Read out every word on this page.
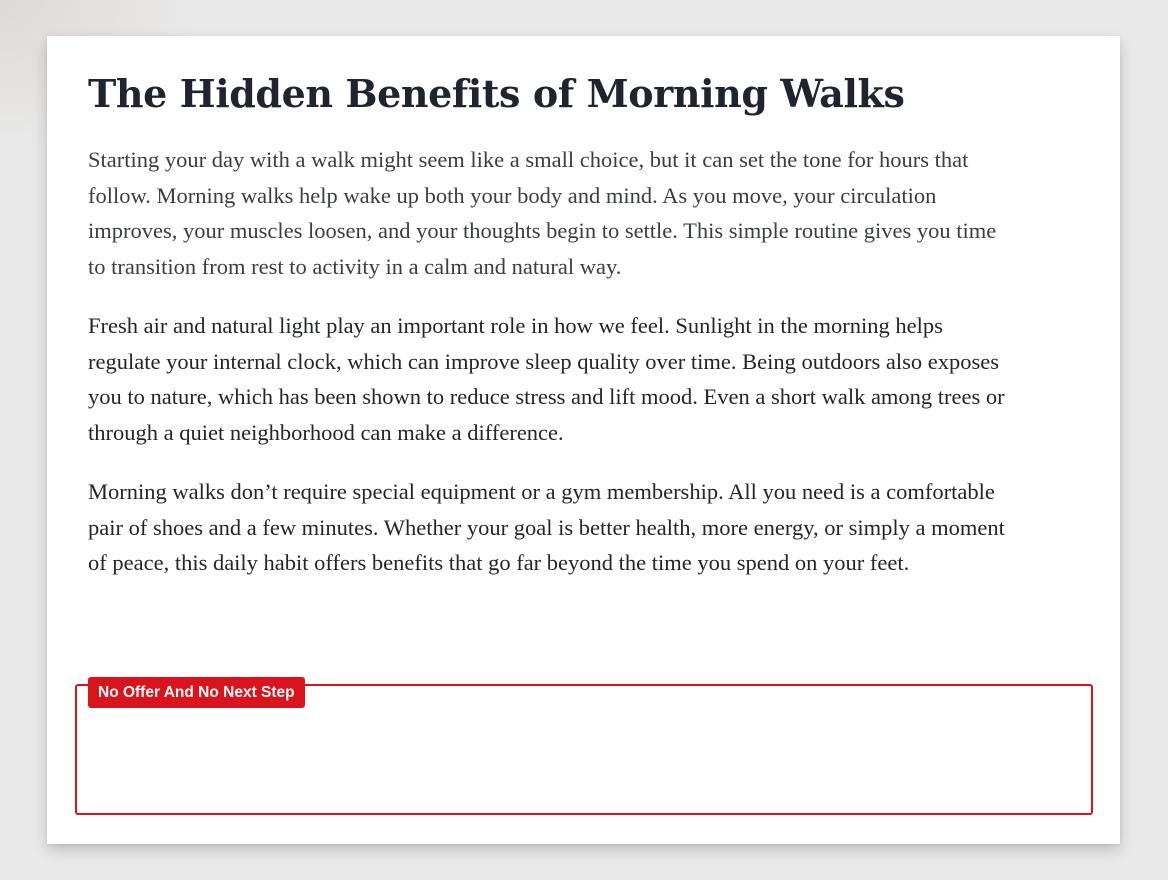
The Hidden Benefits of Morning Walks

Starting your day with a walk might seem like a small choice, but it can set the tone for hours that follow. Morning walks help wake up both your body and mind. As you move, your circulation improves, your muscles loosen, and your thoughts begin to settle. This simple routine gives you time to transition from rest to activity in a calm and natural way.

Fresh air and natural light play an important role in how we feel. Sunlight in the morning helps regulate your internal clock, which can improve sleep quality over time. Being outdoors also exposes you to nature, which has been shown to reduce stress and lift mood. Even a short walk among trees or through a quiet neighborhood can make a difference.

Morning walks don’t require special equipment or a gym membership. All you need is a comfortable pair of shoes and a few minutes. Whether your goal is better health, more energy, or simply a moment of peace, this daily habit offers benefits that go far beyond the time you spend on your feet.

No Offer And No Next Step
